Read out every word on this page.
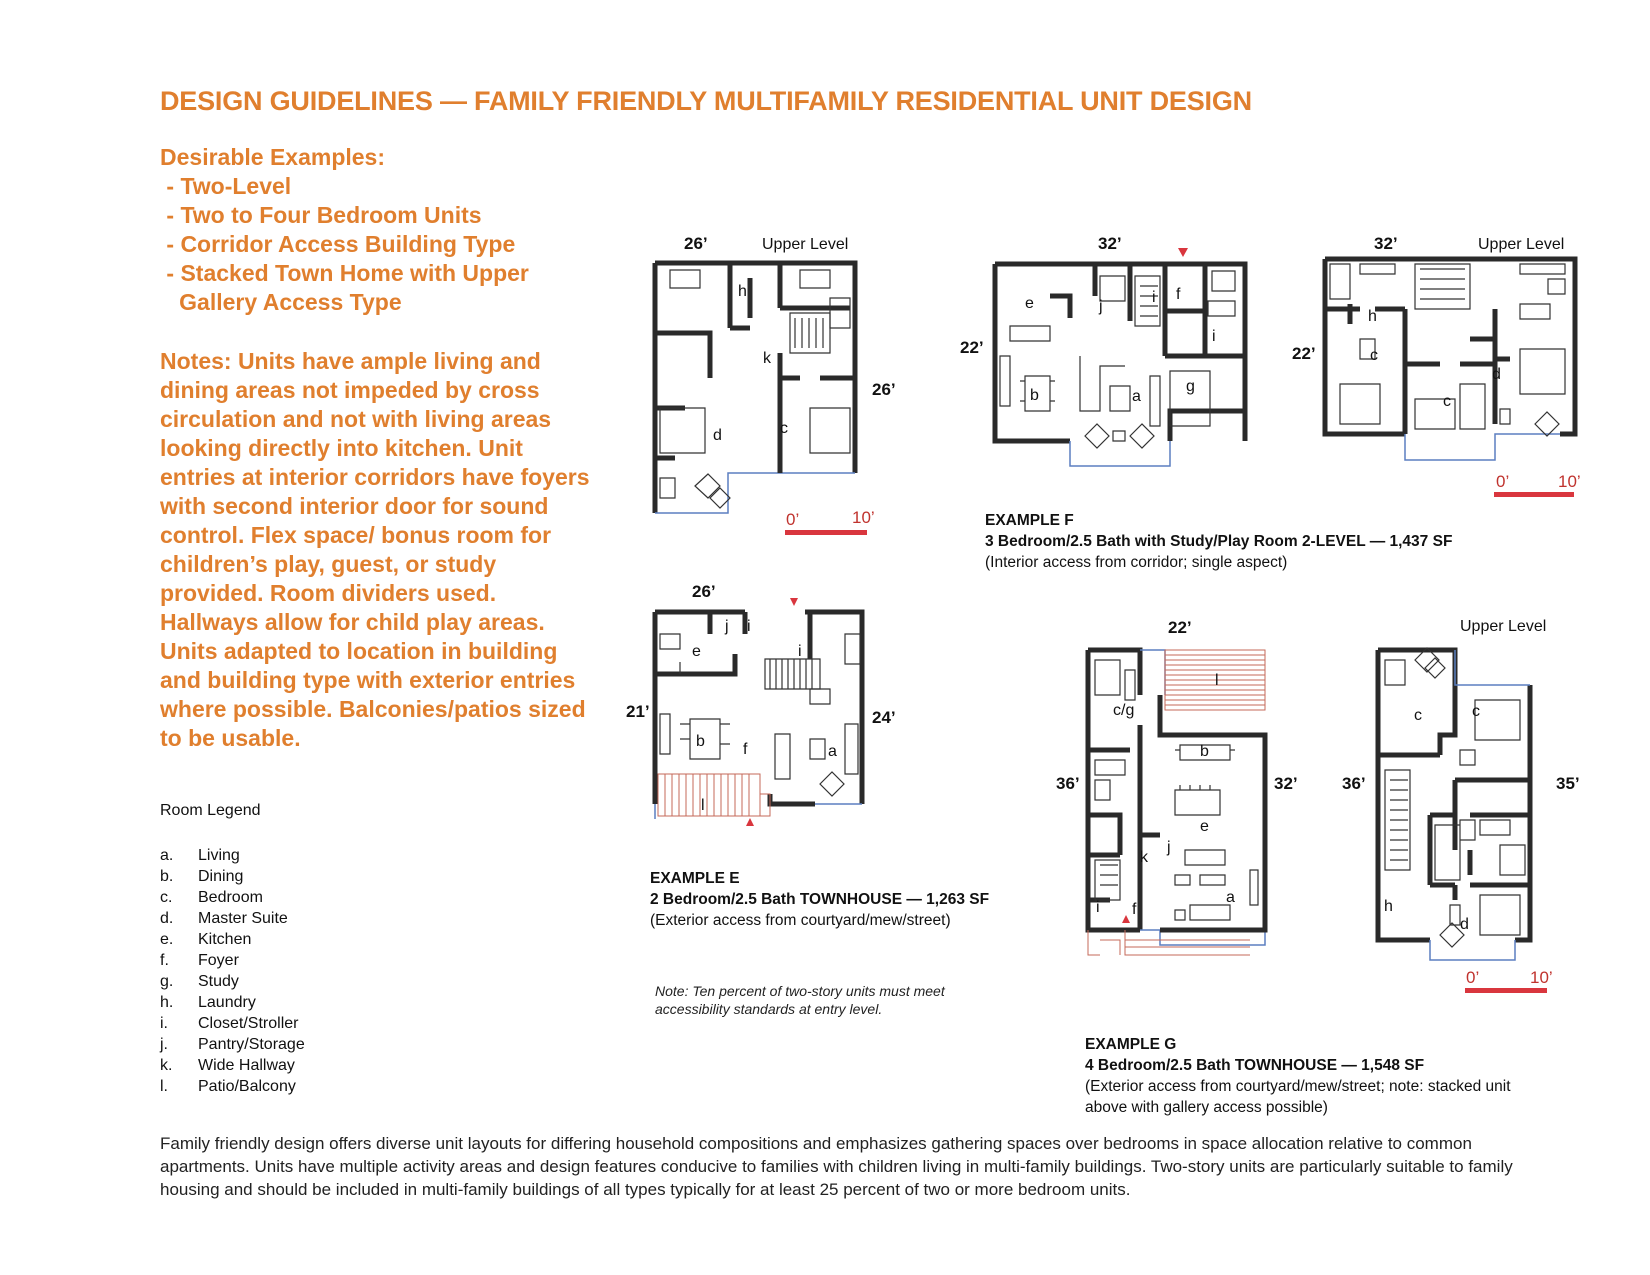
DESIGN GUIDELINES — FAMILY FRIENDLY MULTIFAMILY RESIDENTIAL UNIT DESIGN
Desirable Examples:
- Two-Level
- Two to Four Bedroom Units
- Corridor Access Building Type
- Stacked Town Home with Upper
Gallery Access Type
Notes: Units have ample living and dining areas not impeded by cross circulation and not with living areas looking directly into kitchen. Unit entries at interior corridors have foyers with second interior door for sound control. Flex space/ bonus room for children’s play, guest, or study provided. Room dividers used. Hallways allow for child play areas. Units adapted to location in building and building type with exterior entries where possible. Balconies/patios sized to be usable.
Room Legend
a. Living
b. Dining
c. Bedroom
d. Master Suite
e. Kitchen
f. Foyer
g. Study
h. Laundry
i. Closet/Stroller
j. Pantry/Storage
k. Wide Hallway
l. Patio/Balcony
26’	Upper Level
26’
h
k
c
d
0’	10’
26’
21’	24’
j i
e	i
b f	a
l
EXAMPLE E
2 Bedroom/2.5 Bath TOWNHOUSE — 1,263 SF
(Exterior access from courtyard/mew/street)
Note: Ten percent of two-story units must meet accessibility standards at entry level.
32’
22’
e	j
i f
i
b	a
g
32’	Upper Level
22’
h
c
d
c
0’	10’
EXAMPLE F
3 Bedroom/2.5 Bath with Study/Play Room 2-LEVEL — 1,437 SF
(Interior access from corridor; single aspect)
22’
36’	32’
c/g
l
b
e
k
j
i f
a
Upper Level
36’	35’
c	c
h
d
0’	10’
EXAMPLE G
4 Bedroom/2.5 Bath TOWNHOUSE — 1,548 SF
(Exterior access from courtyard/mew/street; note: stacked unit
above with gallery access possible)
Family friendly design offers diverse unit layouts for differing household compositions and emphasizes gathering spaces over bedrooms in space allocation relative to common apartments. Units have multiple activity areas and design features conducive to families with children living in multi-family buildings. Two-story units are particularly suitable to family housing and should be included in multi-family buildings of all types typically for at least 25 percent of two or more bedroom units.
